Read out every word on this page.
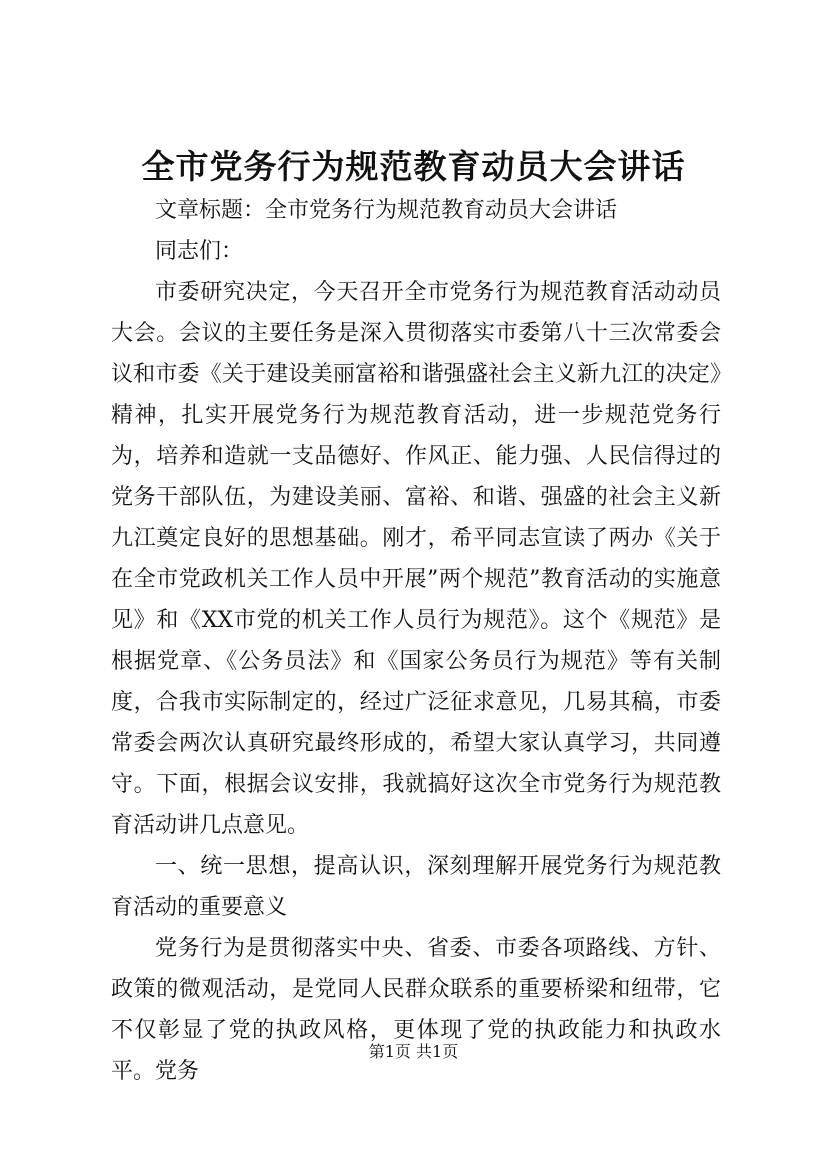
全市党务行为规范教育动员大会讲话

文章标题：全市党务行为规范教育动员大会讲话

同志们：

市委研究决定，今天召开全市党务行为规范教育活动动员大会。会议的主要任务是深入贯彻落实市委第八十三次常委会议和市委《关于建设美丽富裕和谐强盛社会主义新九江的决定》精神，扎实开展党务行为规范教育活动，进一步规范党务行为，培养和造就一支品德好、作风正、能力强、人民信得过的党务干部队伍，为建设美丽、富裕、和谐、强盛的社会主义新九江奠定良好的思想基础。刚才，希平同志宣读了两办《关于在全市党政机关工作人员中开展”两个规范”教育活动的实施意见》和《XX市党的机关工作人员行为规范》。这个《规范》是根据党章、《公务员法》和《国家公务员行为规范》等有关制度，合我市实际制定的，经过广泛征求意见，几易其稿，市委常委会两次认真研究最终形成的，希望大家认真学习，共同遵守。下面，根据会议安排，我就搞好这次全市党务行为规范教育活动讲几点意见。

一、统一思想，提高认识，深刻理解开展党务行为规范教育活动的重要意义

党务行为是贯彻落实中央、省委、市委各项路线、方针、政策的微观活动，是党同人民群众联系的重要桥梁和纽带，它不仅彰显了党的执政风格，更体现了党的执政能力和执政水平。党务

第1页 共1页
